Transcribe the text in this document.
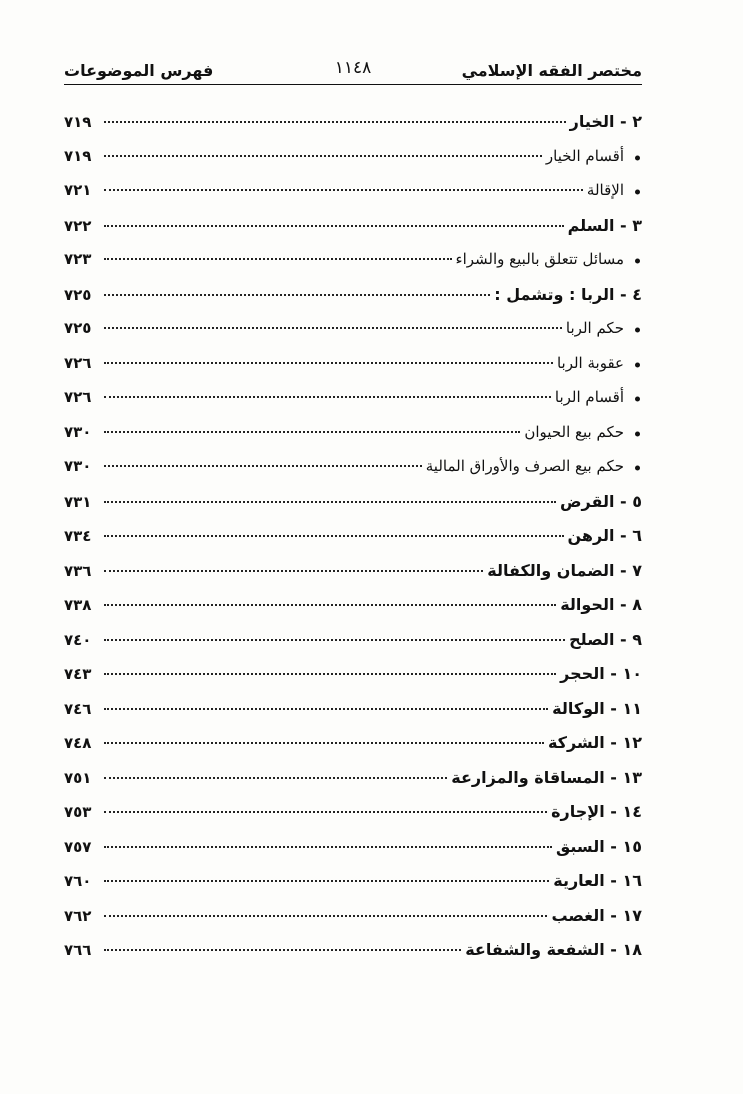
مختصر الفقه الإسلامي
١١٤٨
فهرس الموضوعات
٢ - الخيار
٧١٩
أقسام الخيار
٧١٩
الإقالة
٧٢١
٣ - السلم
٧٢٢
مسائل تتعلق بالبيع والشراء
٧٢٣
٤ - الربا : وتشمل :
٧٢٥
حكم الربا
٧٢٥
عقوبة الربا
٧٢٦
أقسام الربا
٧٢٦
حكم بيع الحيوان
٧٣٠
حكم بيع الصرف والأوراق المالية
٧٣٠
٥ - القرض
٧٣١
٦ - الرهن
٧٣٤
٧ - الضمان والكفالة
٧٣٦
٨ - الحوالة
٧٣٨
٩ - الصلح
٧٤٠
١٠ - الحجر
٧٤٣
١١ - الوكالة
٧٤٦
١٢ - الشركة
٧٤٨
١٣ - المساقاة والمزارعة
٧٥١
١٤ - الإجارة
٧٥٣
١٥ - السبق
٧٥٧
١٦ - العارية
٧٦٠
١٧ - الغصب
٧٦٢
١٨ - الشفعة والشفاعة
٧٦٦
